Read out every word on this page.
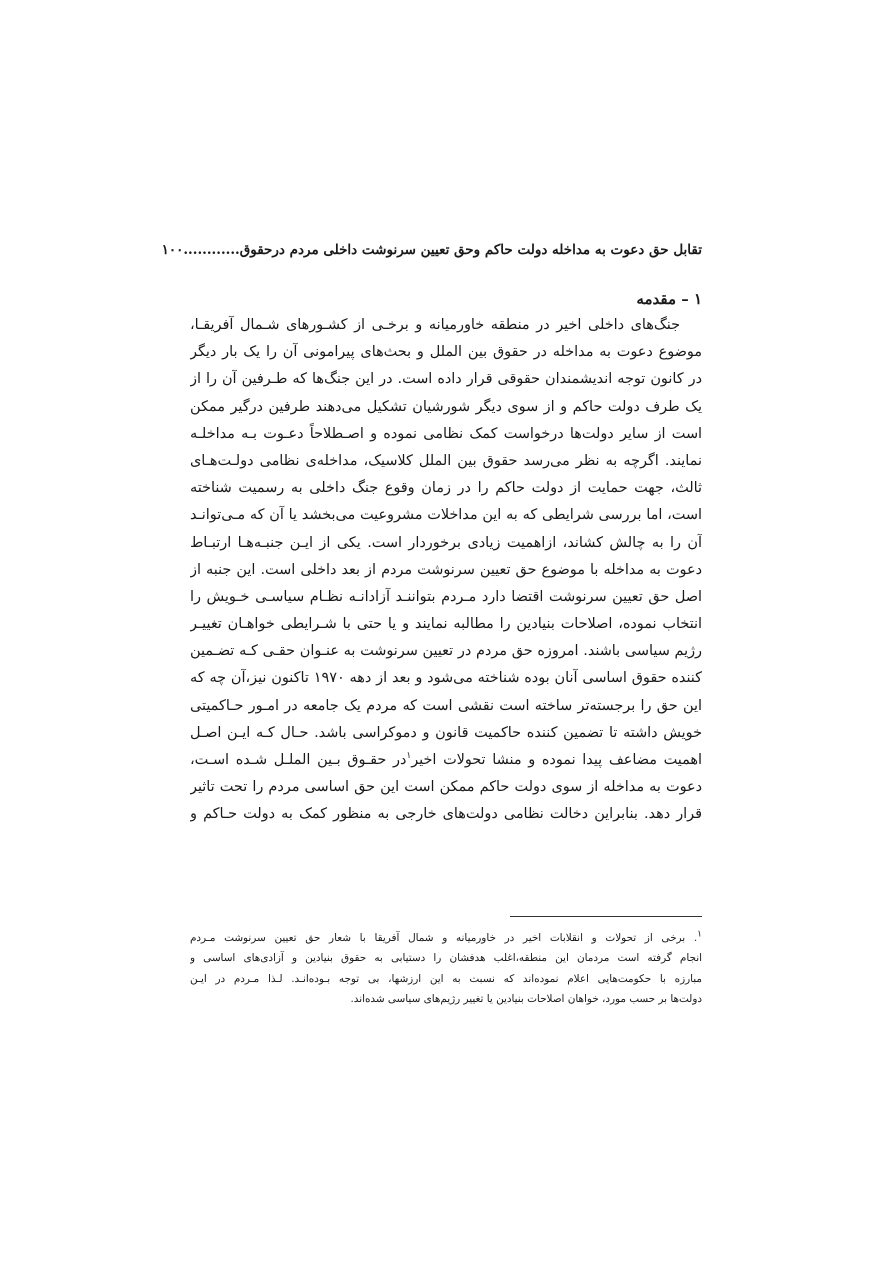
تقابل حق دعوت به مداخله دولت حاکم وحق تعیین سرنوشت داخلی مردم درحقوق
............۱۰۰
۱ – مقدمه
جنگ‌های داخلی اخیر در منطقه خاورمیانه و برخـی از کشـورهای شـمال آفریقـا،
موضوع دعوت به مداخله در حقوق بین الملل و بحث‌های پیرامونی آن را یک بار دیگر
در کانون توجه اندیشمندان حقوقی قرار داده است. در این جنگ‌ها که طـرفین آن را از
یک طرف دولت حاکم و از سوی دیگر شورشیان تشکیل می‌دهند طرفین درگیر ممکن
است از سایر دولت‌ها درخواست کمک نظامی نموده و اصـطلاحاً دعـوت بـه مداخلـه
نمایند. اگرچه به نظر می‌رسد حقوق بین الملل کلاسیک، مداخله‌ی نظامی دولـت‌هـای
ثالث، جهت حمایت از دولت حاکم را در زمان وقوع جنگ داخلی به رسمیت شناخته
است، اما بررسی شرایطی که به این مداخلات مشروعیت می‌بخشد یا آن که مـی‌توانـد
آن را به چالش کشاند، ازاهمیت زیادی برخوردار است. یکی از ایـن جنبـه‌هـا ارتبـاط
دعوت به مداخله با موضوع حق تعیین سرنوشت مردم از بعد داخلی است. این جنبه از
اصل حق تعیین سرنوشت اقتضا دارد مـردم بتواننـد آزادانـه نظـام سیاسـی خـویش را
انتخاب نموده، اصلاحات بنیادین را مطالبه نمایند و یا حتی با شـرایطی خواهـان تغییـر
رژیم سیاسی باشند. امروزه حق مردم در تعیین سرنوشت به عنـوان حقـی کـه تضـمین
کننده حقوق اساسی آنان بوده شناخته می‌شود و بعد از دهه ۱۹۷۰ تاکنون نیز،آن چه که
این حق را برجسته‌تر ساخته است نقشی است که مردم یک جامعه در امـور حـاکمیتی
خویش داشته تا تضمین کننده حاکمیت قانون و دموکراسی باشد. حـال کـه ایـن اصـل
اهمیت مضاعف پیدا نموده و منشا تحولات اخیر$^۱$در حقـوق بـین الملـل شـده اسـت،
دعوت به مداخله از سوی دولت حاکم ممکن است این حق اساسی مردم را تحت تاثیر
قرار دهد. بنابراین دخالت نظامی دولت‌های خارجی به منظور کمک به دولت حـاکم و
$^۱$. برخی از تحولات و انقلابات اخیر در خاورمیانه و شمال آفریقا با شعار حق تعیین سرنوشت مـردم
انجام گرفته است مردمان این منطقه،اغلب هدفشان را دستیابی به حقوق بنیادین و آزادی‌های اساسی و
مبارزه با حکومت‌هایی اعلام نموده‌اند که نسبت به این ارزشها، بی توجه بـوده‌انـد. لـذا مـردم در ایـن
دولت‌ها بر حسب مورد، خواهان اصلاحات بنیادین یا تغییر رژیم‌های سیاسی شده‌اند.
